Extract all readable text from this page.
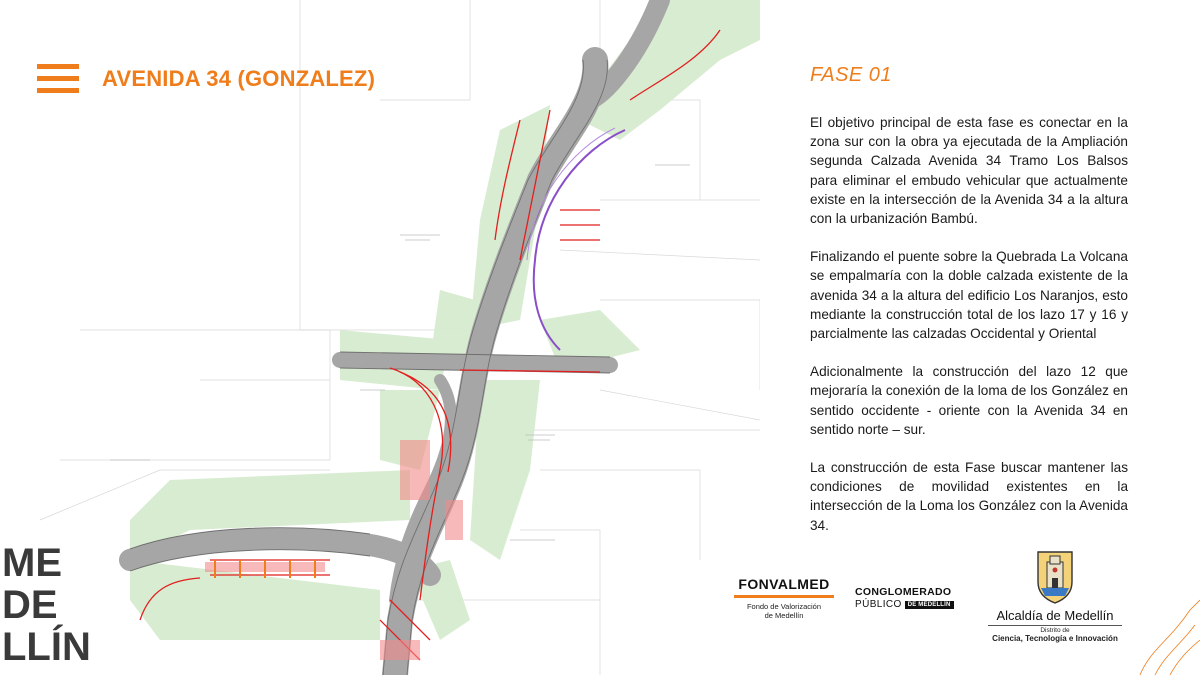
AVENIDA 34 (GONZALEZ)	FASE 01

El objetivo principal de esta fase es conectar en la zona sur con la obra ya ejecutada de la Ampliación segunda Calzada Avenida 34 Tramo Los Balsos para eliminar el embudo vehicular que actualmente existe en la intersección de la Avenida 34 a la altura con la urbanización Bambú.

Finalizando el puente sobre la Quebrada La Volcana se empalmaría con la doble calzada existente de la avenida 34 a la altura del edificio Los Naranjos, esto mediante la construcción total de los lazo 17 y 16 y parcialmente las calzadas Occidental y Oriental

Adicionalmente la construcción del lazo 12 que mejoraría la conexión de la loma de los González en sentido occidente - oriente con la Avenida 34 en sentido norte – sur.

La construcción de esta Fase buscar mantener las condiciones de movilidad existentes en la intersección de la Loma los González con la Avenida 34.

FONVALMED
Fondo de Valorización
de Medellín
CONGLOMERADO
PÚBLICO	DE MEDELLÍN
Alcaldía de Medellín
Distrito de
Ciencia, Tecnología e Innovación
ME
DE
LLÍN
